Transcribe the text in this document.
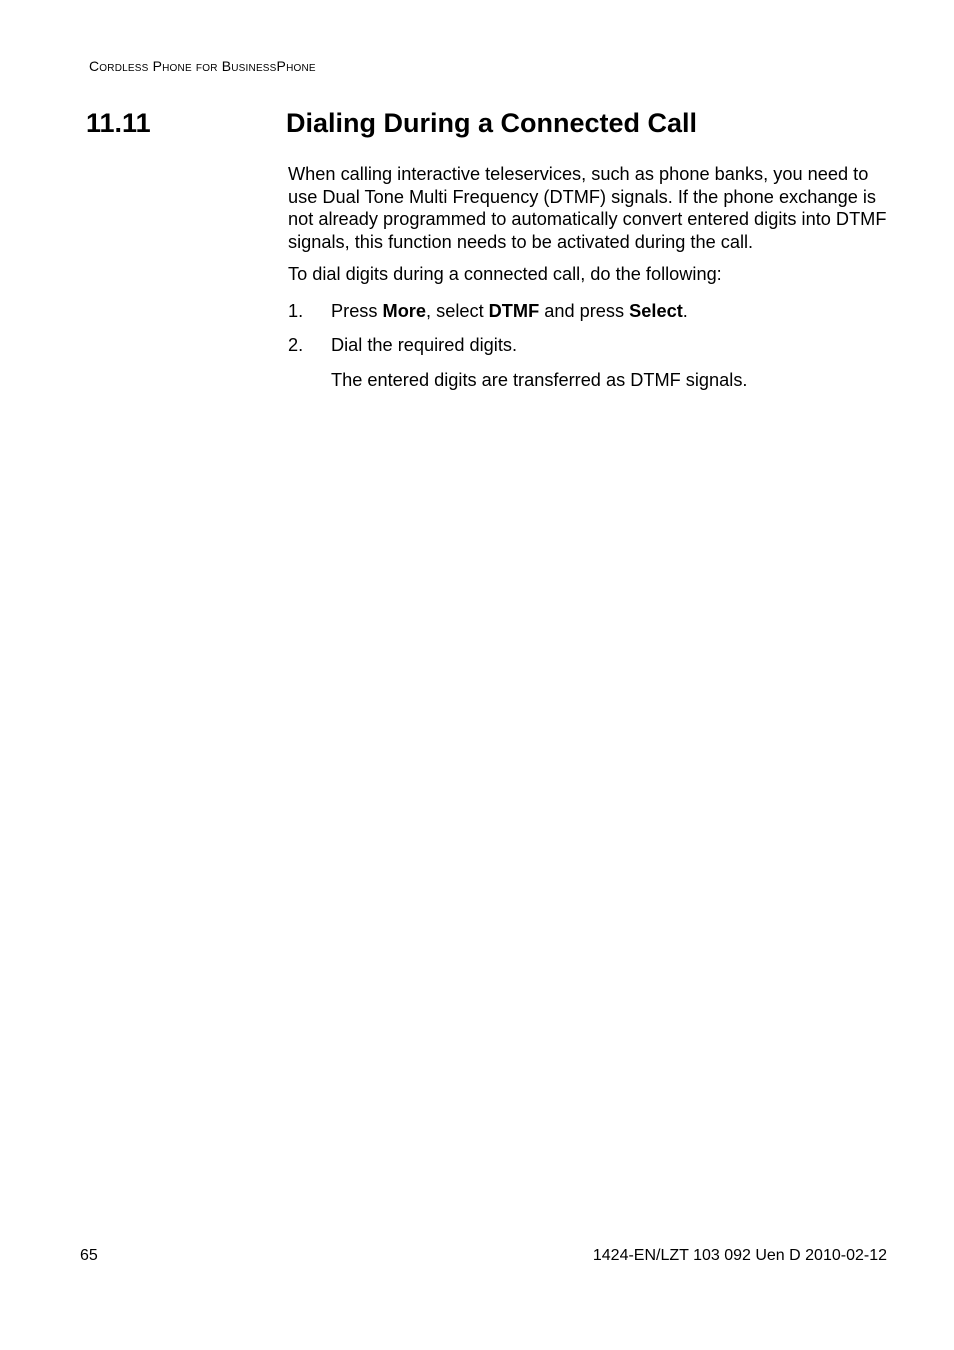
Cordless Phone for BusinessPhone
11.11	Dialing During a Connected Call

When calling interactive teleservices, such as phone banks, you need to use Dual Tone Multi Frequency (DTMF) signals. If the phone exchange is not already programmed to automatically convert entered digits into DTMF signals, this function needs to be activated during the call.

To dial digits during a connected call, do the following:

1. Press More, select DTMF and press Select.
2. Dial the required digits.

The entered digits are transferred as DTMF signals.

65	1424-EN/LZT 103 092 Uen D 2010-02-12
